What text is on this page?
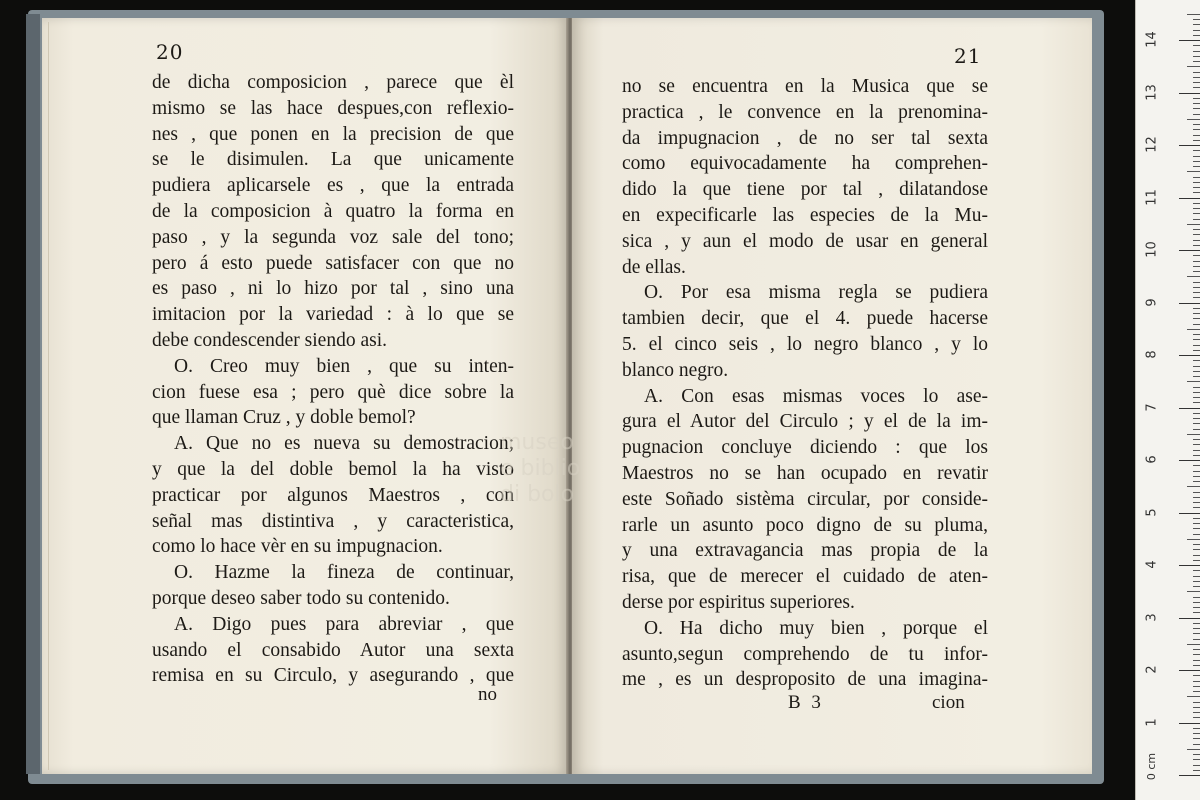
20
de dicha composicion , parece que èl
mismo se las hace despues,con reflexio-
nes , que ponen en la precision de que
se le disimulen. La que unicamente
pudiera aplicarsele es , que la entrada
de la composicion à quatro la forma en
paso , y la segunda voz sale del tono;
pero á esto puede satisfacer con que no
es paso , ni lo hizo por tal , sino una
imitacion por la variedad : à lo que se
debe condescender siendo asi.
O. Creo muy bien , que su inten-
cion fuese esa ; pero què dice sobre la
que llaman Cruz , y doble bemol?
A. Que no es nueva su demostracion;
y que la del doble bemol la ha visto
practicar por algunos Maestros , con
señal mas distintiva , y caracteristica,
como lo hace vèr en su impugnacion.
O. Hazme la fineza de continuar,
porque deseo saber todo su contenido.
A. Digo pues para abreviar , que
usando el consabido Autor una sexta
remisa en su Circulo, y asegurando , que
no
21
no se encuentra en la Musica que se
practica , le convence en la prenomina-
da impugnacion , de no ser tal sexta
como equivocadamente ha comprehen-
dido la que tiene por tal , dilatandose
en expecificarle las especies de la Mu-
sica , y aun el modo de usar en general
de ellas.
O. Por esa misma regla se pudiera
tambien decir, que el 4. puede hacerse
5. el cinco seis , lo negro blanco , y lo
blanco negro.
A. Con esas mismas voces lo ase-
gura el Autor del Circulo ; y el de la im-
pugnacion concluye diciendo : que los
Maestros no se han ocupado en revatir
este Soñado sistèma circular, por conside-
rarle un asunto poco digno de su pluma,
y una extravagancia mas propia de la
risa, que de merecer el cuidado de aten-
derse por espiritus superiores.
O. Ha dicho muy bien , porque el
asunto,segun comprehendo de tu infor-
me , es un desproposito de una imagina-
B 3	cion
museo
e biblio
di bolo
0 cm
1
2
3
4
5
6
7
8
9
10
11
12
13
14
